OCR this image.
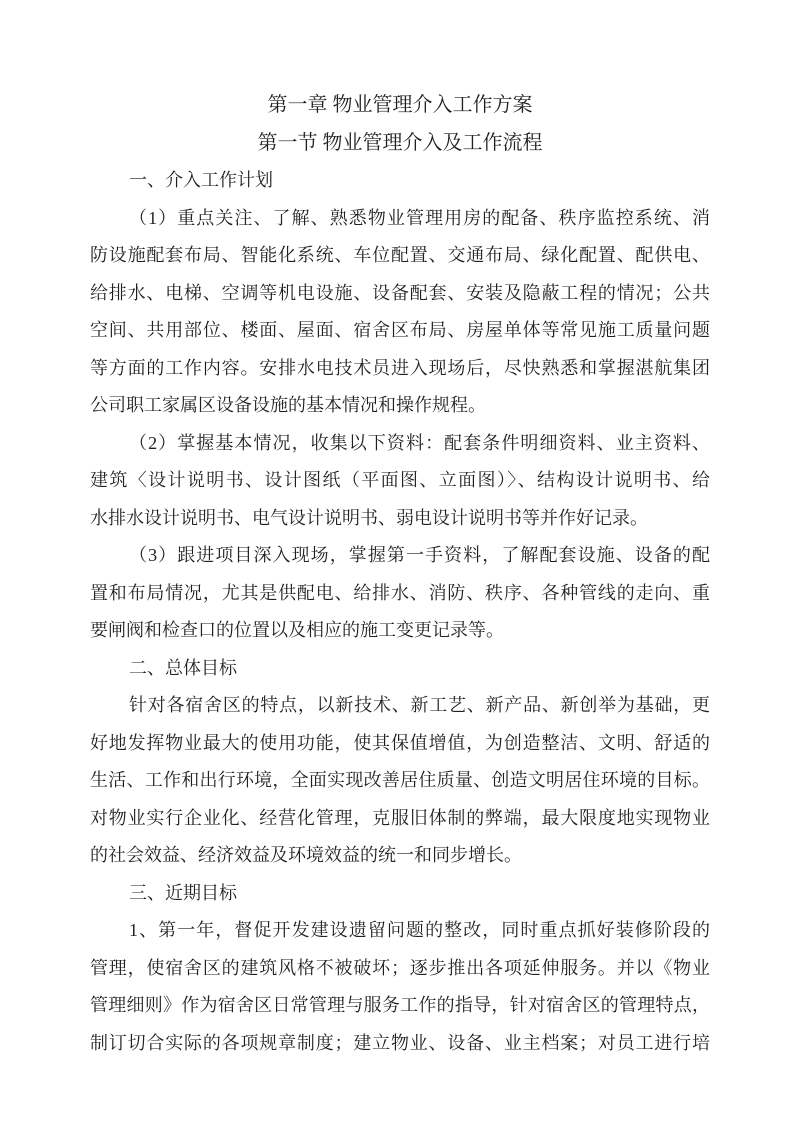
第一章 物业管理介入工作方案
第一节 物业管理介入及工作流程
一、介入工作计划
（1）重点关注、了解、熟悉物业管理用房的配备、秩序监控系统、消
防设施配套布局、智能化系统、车位配置、交通布局、绿化配置、配供电、
给排水、电梯、空调等机电设施、设备配套、安装及隐蔽工程的情况；公共
空间、共用部位、楼面、屋面、宿舍区布局、房屋单体等常见施工质量问题
等方面的工作内容。安排水电技术员进入现场后，尽快熟悉和掌握湛航集团
公司职工家属区设备设施的基本情况和操作规程。
（2）掌握基本情况，收集以下资料：配套条件明细资料、业主资料、
建筑〈设计说明书、设计图纸（平面图、立面图）〉、结构设计说明书、给
水排水设计说明书、电气设计说明书、弱电设计说明书等并作好记录。
（3）跟进项目深入现场，掌握第一手资料，了解配套设施、设备的配
置和布局情况，尤其是供配电、给排水、消防、秩序、各种管线的走向、重
要闸阀和检查口的位置以及相应的施工变更记录等。
二、总体目标
针对各宿舍区的特点，以新技术、新工艺、新产品、新创举为基础，更
好地发挥物业最大的使用功能，使其保值增值，为创造整洁、文明、舒适的
生活、工作和出行环境，全面实现改善居住质量、创造文明居住环境的目标。
对物业实行企业化、经营化管理，克服旧体制的弊端，最大限度地实现物业
的社会效益、经济效益及环境效益的统一和同步增长。
三、近期目标
1、第一年，督促开发建设遗留问题的整改，同时重点抓好装修阶段的
管理，使宿舍区的建筑风格不被破坏；逐步推出各项延伸服务。并以《物业
管理细则》作为宿舍区日常管理与服务工作的指导，针对宿舍区的管理特点，
制订切合实际的各项规章制度；建立物业、设备、业主档案；对员工进行培
